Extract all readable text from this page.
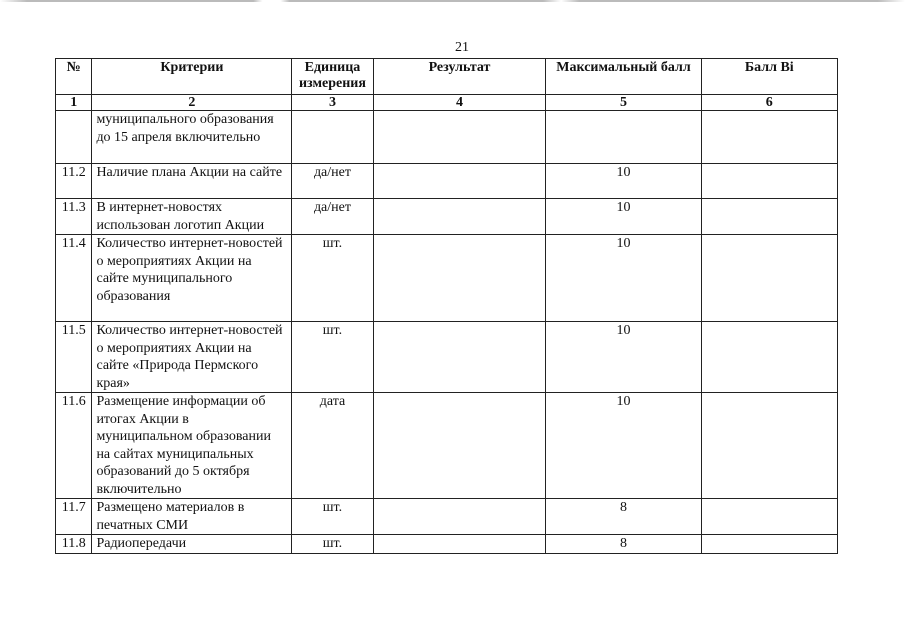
21
№	Критерии	Единица измерения	Результат	Максимальный балл	Балл Bi
1	2	3	4	5	6
	муниципального образования до 15 апреля включительно				
11.2	Наличие плана Акции на сайте	да/нет		10	
11.3	В интернет-новостях использован логотип Акции	да/нет		10	
11.4	Количество интернет-новостей о мероприятиях Акции на сайте муниципального образования	шт.		10	
11.5	Количество интернет-новостей о мероприятиях Акции на сайте «Природа Пермского края»	шт.		10	
11.6	Размещение информации об итогах Акции в муниципальном образовании на сайтах муниципальных образований до 5 октября включительно	дата		10	
11.7	Размещено материалов в печатных СМИ	шт.		8	
11.8	Радиопередачи	шт.		8	
